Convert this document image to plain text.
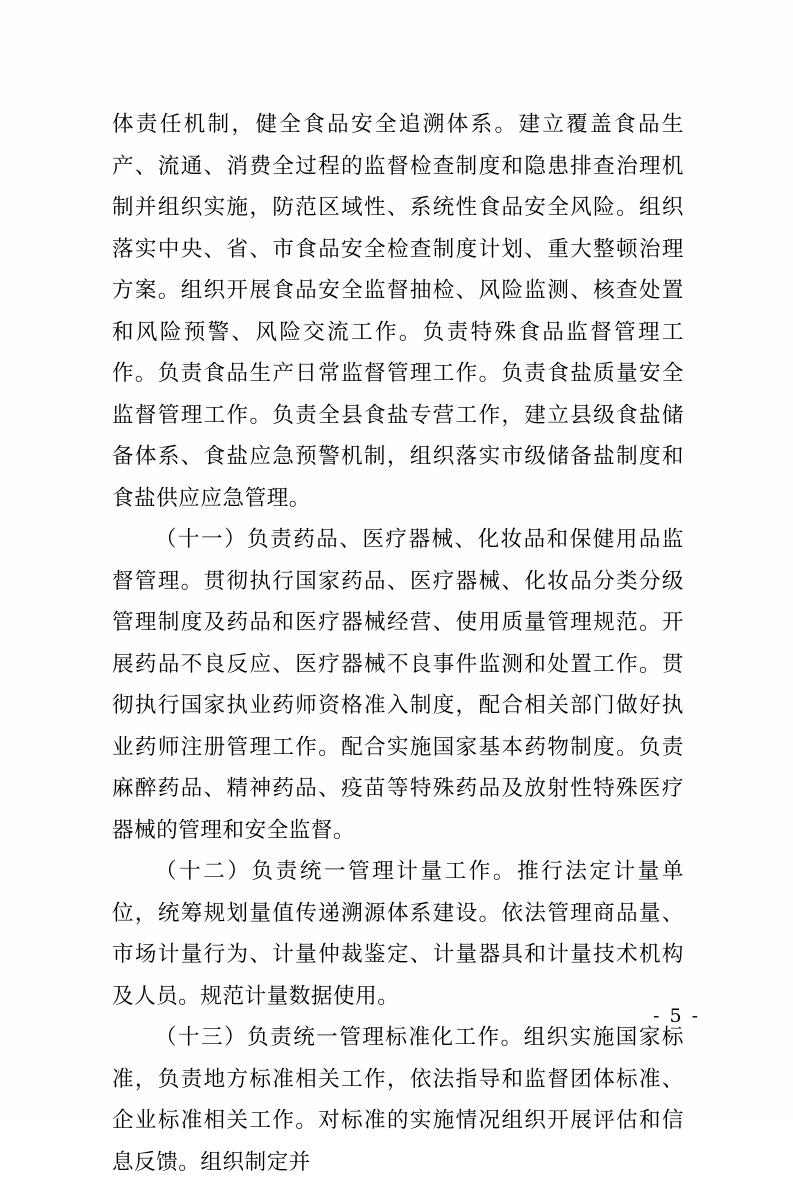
体责任机制，健全食品安全追溯体系。建立覆盖食品生产、流通、消费全过程的监督检查制度和隐患排查治理机制并组织实施，防范区域性、系统性食品安全风险。组织落实中央、省、市食品安全检查制度计划、重大整顿治理方案。组织开展食品安全监督抽检、风险监测、核查处置和风险预警、风险交流工作。负责特殊食品监督管理工作。负责食品生产日常监督管理工作。负责食盐质量安全监督管理工作。负责全县食盐专营工作，建立县级食盐储备体系、食盐应急预警机制，组织落实市级储备盐制度和食盐供应应急管理。

（十一）负责药品、医疗器械、化妆品和保健用品监督管理。贯彻执行国家药品、医疗器械、化妆品分类分级管理制度及药品和医疗器械经营、使用质量管理规范。开展药品不良反应、医疗器械不良事件监测和处置工作。贯彻执行国家执业药师资格准入制度，配合相关部门做好执业药师注册管理工作。配合实施国家基本药物制度。负责麻醉药品、精神药品、疫苗等特殊药品及放射性特殊医疗器械的管理和安全监督。

（十二）负责统一管理计量工作。推行法定计量单位，统筹规划量值传递溯源体系建设。依法管理商品量、市场计量行为、计量仲裁鉴定、计量器具和计量技术机构及人员。规范计量数据使用。

（十三）负责统一管理标准化工作。组织实施国家标准，负责地方标准相关工作，依法指导和监督团体标准、企业标准相关工作。对标准的实施情况组织开展评估和信息反馈。组织制定并

- 5 -
